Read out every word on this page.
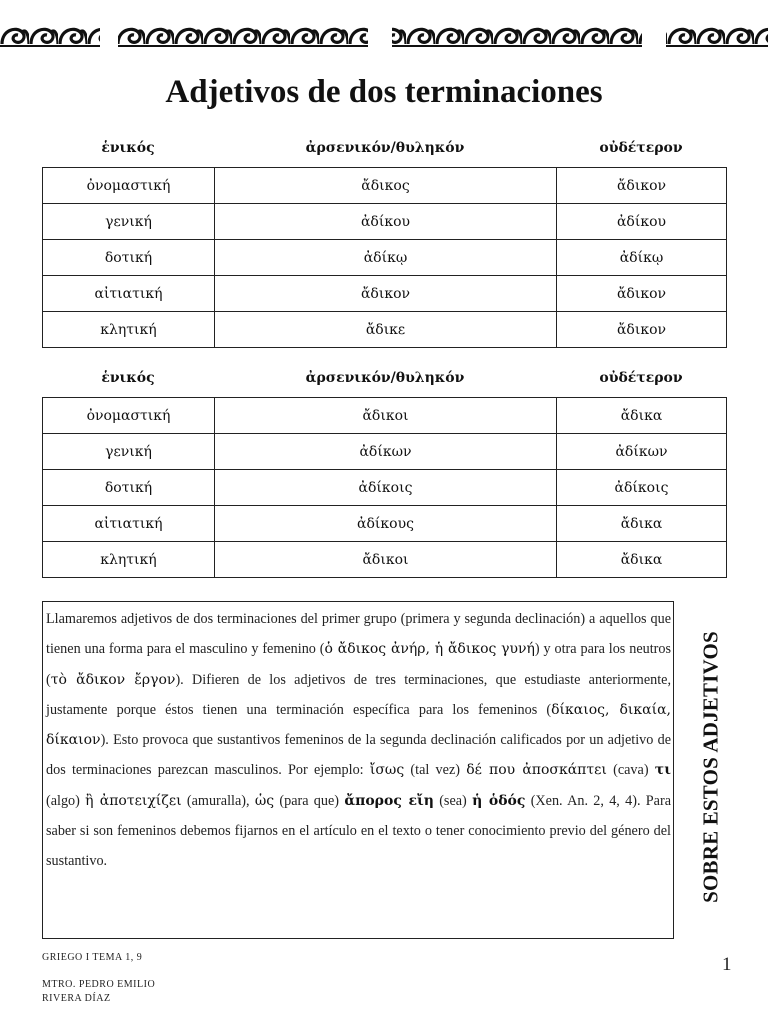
Adjetivos de dos terminaciones
ἑνικός	ἀρσενικόν/θυληκόν	οὐδέτερον
ὀνομαστική	ἄδικος	ἄδικον
γενική	ἀδίκου	ἀδίκου
δοτική	ἀδίκῳ	ἀδίκῳ
αἰτιατική	ἄδικον	ἄδικον
κλητική	ἄδικε	ἄδικον
ἑνικός	ἀρσενικόν/θυληκόν	οὐδέτερον
ὀνομαστική	ἄδικοι	ἄδικα
γενική	ἀδίκων	ἀδίκων
δοτική	ἀδίκοις	ἀδίκοις
αἰτιατική	ἀδίκους	ἄδικα
κλητική	ἄδικοι	ἄδικα
Llamaremos adjetivos de dos terminaciones del primer grupo (primera y segunda declinación) a aquellos que tienen una forma para el masculino y femenino (ὁ ἄδικος ἀνήρ, ἡ ἄδικος γυνή) y otra para los neutros (τὸ ἄδικον ἔργον). Difieren de los adjetivos de tres terminaciones, que estudiaste anteriormente, justamente porque éstos tienen una terminación específica para los femeninos (δίκαιος, δικαία, δίκαιον). Esto provoca que sustantivos femeninos de la segunda declinación calificados por un adjetivo de dos terminaciones parezcan masculinos. Por ejemplo: ἴσως (tal vez) δέ που ἀποσκάπτει (cava) τι (algo) ἢ ἀποτειχίζει (amuralla), ὡς (para que) ἄπορος εἴη (sea) ἡ ὁδός (Xen. An. 2, 4, 4). Para saber si son femeninos debemos fijarnos en el artículo en el texto o tener conocimiento previo del género del sustantivo.	SOBRE ESTOS ADJETIVOS
GRIEGO I TEMA 1, 9
MTRO. PEDRO EMILIO
RIVERA DÍAZ
1
